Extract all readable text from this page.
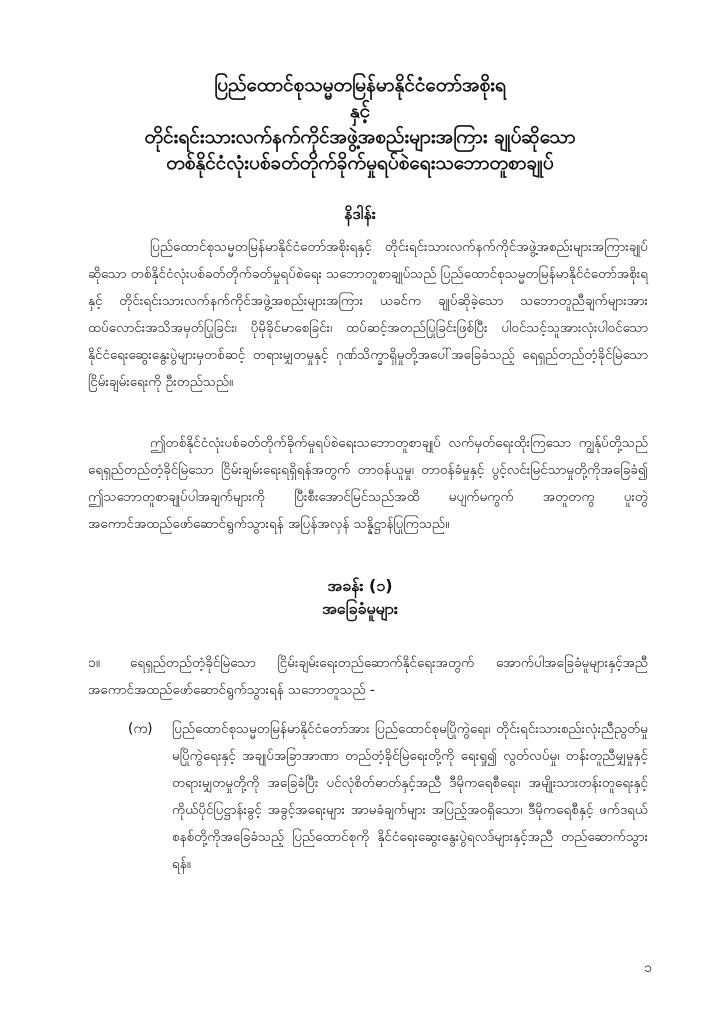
ပြည်ထောင်စုသမ္မတမြန်မာနိုင်ငံတော်အစိုးရ
နှင့်
တိုင်းရင်းသားလက်နက်ကိုင်အဖွဲ့အစည်းများအကြား ချုပ်ဆိုသော
တစ်နိုင်ငံလုံးပစ်ခတ်တိုက်ခိုက်မှုရပ်စဲရေးသဘောတူစာချုပ်
နိဒါန်း

ပြည်ထောင်စုသမ္မတမြန်မာနိုင်ငံတော်အစိုးရနှင့် တိုင်းရင်းသားလက်နက်ကိုင်အဖွဲ့အစည်းများအကြားချုပ်ဆိုသော တစ်နိုင်ငံလုံးပစ်ခတ်တိုက်ခတ်မှုရပ်စဲရေး သဘောတူစာချုပ်သည် ပြည်ထောင်စုသမ္မတမြန်မာနိုင်ငံတော်အစိုးရ နှင့် တိုင်းရင်းသားလက်နက်ကိုင်အဖွဲ့အစည်းများအကြား ယခင်က ချုပ်ဆိုခဲ့သော သဘောတူညီချက်များအား ထပ်လောင်းအသိအမှတ်ပြုခြင်း၊ ပိုမိုခိုင်မာစေခြင်း၊ ထပ်ဆင့်အတည်ပြုခြင်းဖြစ်ပြီး ပါဝင်သင့်သူအားလုံးပါဝင်သော နိုင်ငံရေးဆွေးနွေးပွဲများမှတစ်ဆင့် တရားမျှတမှုနှင့် ဂုဏ်သိက္ခာရှိမှုတို့အပေါ်အခြေခံသည့် ရေရှည်တည်တံ့ခိုင်မြဲသော ငြိမ်းချမ်းရေးကို ဦးတည်သည်။

ဤတစ်နိုင်ငံလုံးပစ်ခတ်တိုက်ခိုက်မှုရပ်စဲရေးသဘောတူစာချုပ် လက်မှတ်ရေးထိုးကြသော ကျွန်ုပ်တို့သည် ရေရှည်တည်တံ့ခိုင်မြဲသော ငြိမ်းချမ်းရေးရရှိရန်အတွက် တာဝန်ယူမှု၊ တာဝန်ခံမှုနှင့် ပွင့်လင်းမြင်သာမှုတို့ကိုအခြေခံ၍ ဤသဘောတူစာချုပ်ပါအချက်များကို ပြီးစီးအောင်မြင်သည်အထိ မပျက်မကွက် အတူတကွ ပူးတွဲအကောင်အထည်ဖော်ဆောင်ရွက်သွားရန် အပြန်အလှန် သန္နိဋ္ဌာန်ပြုကြသည်။

အခန်း (၁)
အခြေခံမူများ
၁။	ရေရှည်တည်တံ့ခိုင်မြဲသော ငြိမ်းချမ်းရေးတည်ဆောက်နိုင်ရေးအတွက် အောက်ပါအခြေခံမူများနှင့်အညီ အကောင်အထည်ဖော်ဆောင်ရွက်သွားရန် သဘောတူသည် -

(က) ပြည်ထောင်စုသမ္မတမြန်မာနိုင်ငံတော်အား ပြည်ထောင်စုမပြိုကွဲရေး၊ တိုင်းရင်းသားစည်းလုံးညီညွတ်မှုမပြိုကွဲရေးနှင့် အချုပ်အခြာအာဏာ တည်တံ့ခိုင်မြဲရေးတို့ကို ရေးရှု၍ လွတ်လပ်မှု၊ တန်းတူညီမျှမှုနှင့် တရားမျှတမှုတို့ကို အခြေခံပြီး ပင်လုံစိတ်ဓာတ်နှင့်အညီ ဒီမိုကရေစီရေး၊ အမျိုးသားတန်းတူရေးနှင့် ကိုယ်ပိုင်ပြဋ္ဌာန်းခွင့် အခွင့်အရေးများ အာမခံချက်များ အပြည့်အဝရှိသော၊ ဒီမိုကရေစီနှင့် ဖက်ဒရယ်စနစ်တို့ကိုအခြေခံသည့် ပြည်ထောင်စုကို နိုင်ငံရေးဆွေးနွေးပွဲရလဒ်များနှင့်အညီ တည်ဆောက်သွားရန်။

၁
